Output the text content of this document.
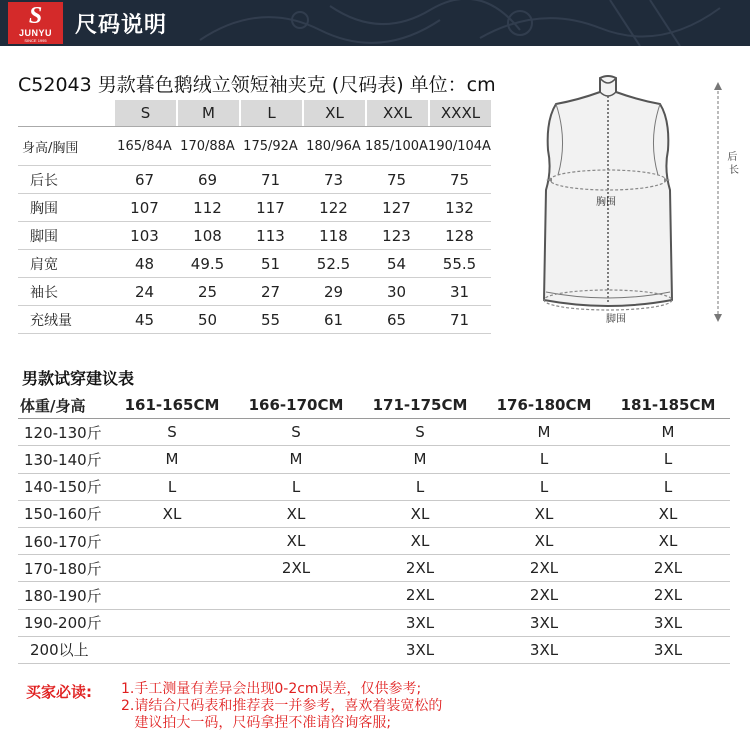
S
JUNYU
SINCE 1995
尺码说明
C52043 男款暮色鹅绒立领短袖夹克 (尺码表) 单位：cm
	S	M	L	XL	XXL	XXXL
身高/胸围	165/84A	170/88A	175/92A	180/96A	185/100A	190/104A
后长	67	69	71	73	75	75
胸围	107	112	117	122	127	132
脚围	103	108	113	118	123	128
肩宽	48	49.5	51	52.5	54	55.5
袖长	24	25	27	29	30	31
充绒量	45	50	55	61	65	71
胸围
脚围
后 长
男款试穿建议表
体重/身高	161-165CM	166-170CM	171-175CM	176-180CM	181-185CM
120-130斤	S	S	S	M	M
130-140斤	M	M	M	L	L
140-150斤	L	L	L	L	L
150-160斤	XL	XL	XL	XL	XL
160-170斤		XL	XL	XL	XL
170-180斤		2XL	2XL	2XL	2XL
180-190斤			2XL	2XL	2XL
190-200斤			3XL	3XL	3XL
200以上			3XL	3XL	3XL
买家必读: 1.手工测量有差异会出现0-2cm误差，仅供参考;
2.请结合尺码表和推荐表一并参考，喜欢着装宽松的
建议拍大一码，尺码拿捏不准请咨询客服;
